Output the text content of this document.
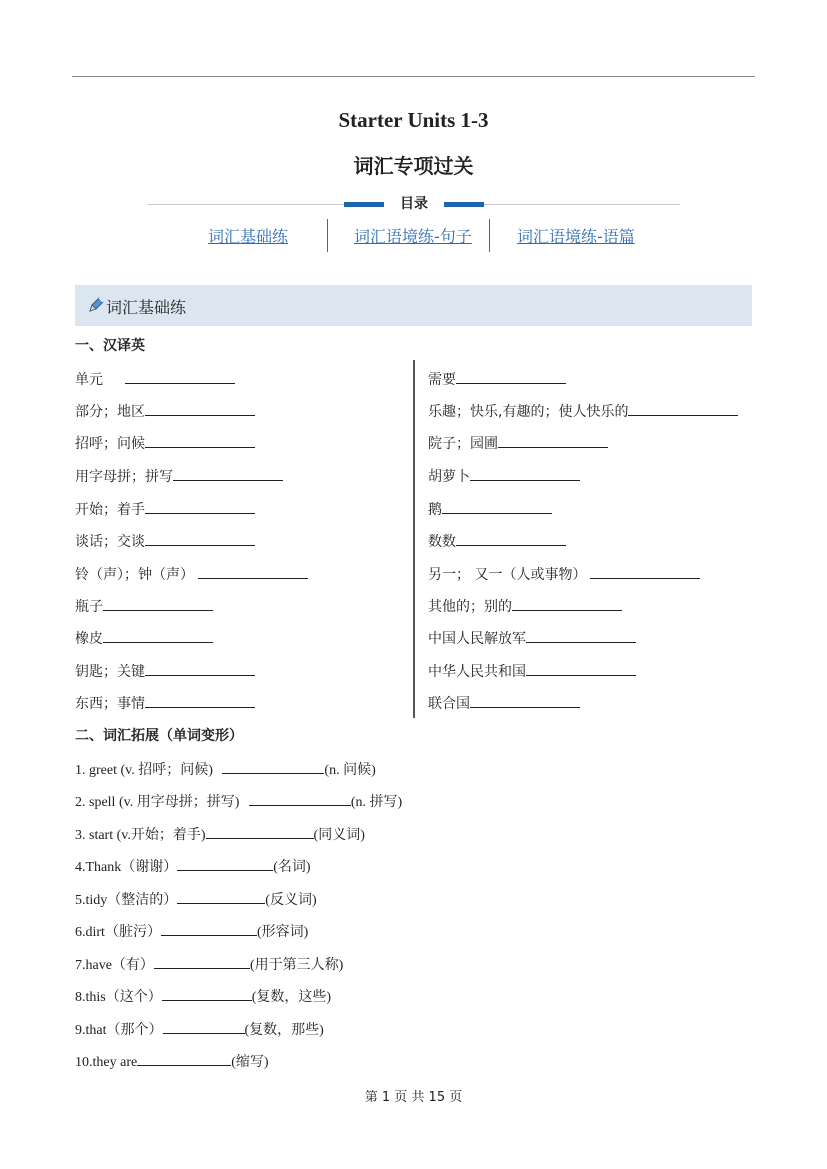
Starter Units 1-3
词汇专项过关
目录
词汇基础练	词汇语境练-句子	词汇语境练-语篇
词汇基础练
一、汉译英
单元
部分；地区
招呼；问候
用字母拼；拼写
开始；着手
谈话；交谈
铃（声）；钟（声）
瓶子
橡皮
钥匙；关键
东西；事情
需要
乐趣；快乐,有趣的；使人快乐的
院子；园圃
胡萝卜
鹅
数数
另一； 又一（人或事物）
其他的；别的
中国人民解放军
中华人民共和国
联合国
二、词汇拓展（单词变形）
1. greet (v. 招呼；问候)	(n. 问候)
2. spell (v. 用字母拼；拼写)	(n. 拼写)
3. start (v.开始；着手)	(同义词)
4.Thank（谢谢）	(名词)
5.tidy（整洁的）	(反义词)
6.dirt（脏污）	(形容词)
7.have（有）	(用于第三人称)
8.this（这个）	(复数，这些)
9.that（那个）	(复数，那些)
10.they are	(缩写)
第 1 页 共 15 页
